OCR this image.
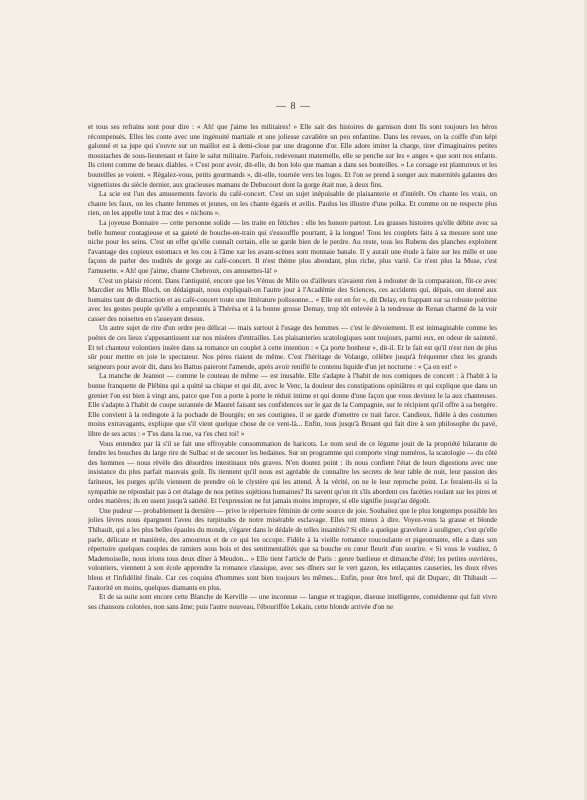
— 8 —

et tous ses refrains sont pour dire : « Ah! que j'aime les militaires! » Elle sait des histoires de garnison dont Ils sont toujours les héros récompensés. Elles les conte avec une ingénuité martiale et une joliesse cavalière un peu enfantine. Dans les revues, on la coiffe d'un képi galonné et sa jupe qui s'ouvre sur un maillot est à demi-close par une dragonne d'or. Elle adore imiter la charge, tirer d'imaginaires petites moustaches de sous-lieutenant et faire le salut militaire. Parfois, redevenant maternelle, elle se penche sur les « anges » que sont nos enfants. Ils crient comme de beaux diables. « C'est pour avoir, dit-elle, du bon lolo que maman a dans ses bouteilles. » Le corsage est plantureux et les bouteilles se voient. « Régalez-vous, petits gourmands », dit-elle, tournée vers les loges. Et l'on se prend à songer aux maternités galantes des vignettistes du siècle dernier, aux gracieuses mamans de Debucourt dont la gorge était nue, à deux fins.

La scie est l'un des amusements favoris du café-concert. C'est un sujet inépuisable de plaisanterie et d'intérêt. On chante les vrais, on chante les faux, on les chante femmes et jeunes, on les chante égarés et avilis. Paulus les illustre d'une polka. Et comme on ne respecte plus rien, on les appelle tout à trac des « nichons ».

La joyeuse Bonnaire — cette personne solide — les traite en fétiches : elle les honore partout. Les grasses histoires qu'elle débite avec sa belle humeur coutagieuse et sa gaieté de bouche-en-train qui s'essouffle pourtant, à la longue! Tous les couplets faits à sa mesure sont une niche pour les seins. C'est un effet qu'elle connaît certain, elle se garde bien de le perdre. Au reste, tous les Rubens des planches exploitent l'avantage des copieux estomacs et les cou à l'âme xar les avant-scènes sont monnaie banale. Il y aurait une étude à faire sur les mille et une façons de parler des nudités de gorge au café-concert. Il n'est thème plus abondant, plus riche, plus varié. Ce n'est plus la Muse, c'est l'amusette. « Ah! que j'aime, chante Chebroux, ces amusettes-là! »

C'est un plaisir récent. Dans l'antiquité, encore que les Vénus de Milo ou d'ailleurs n'avaient rien à redouter de la comparaison, fût-ce avec Marcdier ou Mlle Bloch, on dédaignait, nous expliquait-on l'autre jour à l'Académie des Sciences, ces accidents qui, dépais, ont donné aux humains tant de distraction et au café-concert toute une littérature polissonne... « Elle est en fer », dit Delay, en frappant sur sa robuste poitrine avec les gestes peuple qu'elle a empruntés à Thérésa et à la bonne grosse Demay, trop tôt enlevée à la tendresse de Renan charmé de la voir casser des noisettes en s'asseyant dessus.

Un autre sujet de rire d'un ordre peu délicat — mais surtout à l'usage des hommes — c'est le dévoiement. Il est inimaginable comme les poètes de ces lieux s'appesantissent sur nos misères d'entrailles. Les plaisanteries scatologiques sont toujours, parmi eux, en odeur de sainteté. Et tel chanteur volontiers insère dans sa romance un couplet à cette intention : « Ça porte bonheur », dit-il. Et le fait est qu'il n'est rien de plus sûr pour mettre en joie le spectateur. Nos pères riaient de même. C'est l'héritage de Volange, célèbre jusqu'à fréquenter chez les grands seigneurs pour avoir dit, dans les Battus paieront l'amende, après avoir reniflé le contenu liquide d'un jet nocturne : « Ça en est! »

La manche de Jeannot — comme le couteau de même — est inusable. Elle s'adapte à l'habit de nos comiques de concert : à l'habit à la bonne franquette de Plébins qui a quitté sa chique et qui dit, avec le Venc, la douleur des constipations opiniâtres et qui explique que dans un grenier l'on est bien à vingt ans, parce que l'on a porte à porte le réduit intime et qui donne d'une façon que vous devinez le la aux chanteuses. Elle s'adapte à l'habit de coupe surannée de Maurel faisant ses confidences sur le gaz de la Compagnie, sur le récipient qu'il offre à sa bergère. Elle convient à la redingote à la pochade de Bourgès; en ses coutignes, il se garde d'omettre ce trait farce. Candieux, fidèle à des costumes moins extravagants, explique que s'il vient quelque chose de ce vent-là... Enfin, tous jusqu'à Bruant qui fait dire à son philosophe du pavé, libre de ses actes : « T'es dans la rue, va t'es chez toi! »

Vous entendez par là s'il se fait une effroyable consommation de haricots. Le nom seul de ce légume jouit de la propriété hilarante de fendre les bouches du large rire de Sulbac et de secouer les bedaines. Sur un programme qui comporte vingt numéros, la scatologie — du côté des hommes — nous révèle des désordres intestinaux très graves. N'en doutez point : ils nous confient l'état de leurs digestions avec une insistance du plus parfait mauvais goût. Ils tiennent qu'il nous est agréable de connaître les secrets de leur table de nuit, leur passion des farineux, les purges qu'ils viennent de prendre où le clystère qui les attend. À la vérité, on ne le leur reproche point. Le feraient-ils si la sympathie ne répondait pas à cet étalage de nos petites sujétions humaines? Ils savent qu'on rit s'ils abordent ces facéties roulant sur les pires et ordes matières; ils en usent jusqu'à satiété. Et l'expression ne fut jamais moins impropre, si elle signifie jusqu'au dégoût.

Une pudeur — probablement la dernière — prive le répertoire féminin de cette source de joie. Souhaitez que le plus longtemps possible les jolies lèvres nous épargnent l'aveu des turpitudes de notre misérable esclavage. Elles ont mieux à dire. Voyez-vous la grasse et blonde Thibault, qui a les plus belles épaules du monde, s'égarer dans le dédale de telles insanités? Si elle a quelque gravelure à souligner, c'est qu'elle parle, délicate et maniérée, des amoureux et de ce qui les occupe. Fidèle à la vieille romance roucoulante et pigeonnante, elle a dans son répertoire quelques couples de ramiers sous bois et des sentimentalités que sa bouche en cœur fleurit d'un sourire. « Si vous le vouliez, ô Mademoiselle, nous irions tous deux dîner à Meudon... » Elle tient l'article de Paris : genre banlieue et dimanche d'été; les petites ouvrières, volontiers, viennent à son école apprendre la romance classique, avec ses dîners sur le vert gazon, les enlaçantes causeries, les doux rêves bleus et l'infidélité finale. Car ces coquins d'hommes sont bien toujours les mêmes... Enfin, pour être bref, qui dit Duparc, dit Thibault — l'autorité en moins, quelques diamants en plus.

Et de sa suite sont encore cette Blanche de Kerville — une inconnue — langue et tragique, diseuse intelligente, comédienne qui fait vivre ses chansons colorées, non sans âme; puis l'autre nouveau, l'ébouriffée Lekain, cette blonde arrivée d'on ne
